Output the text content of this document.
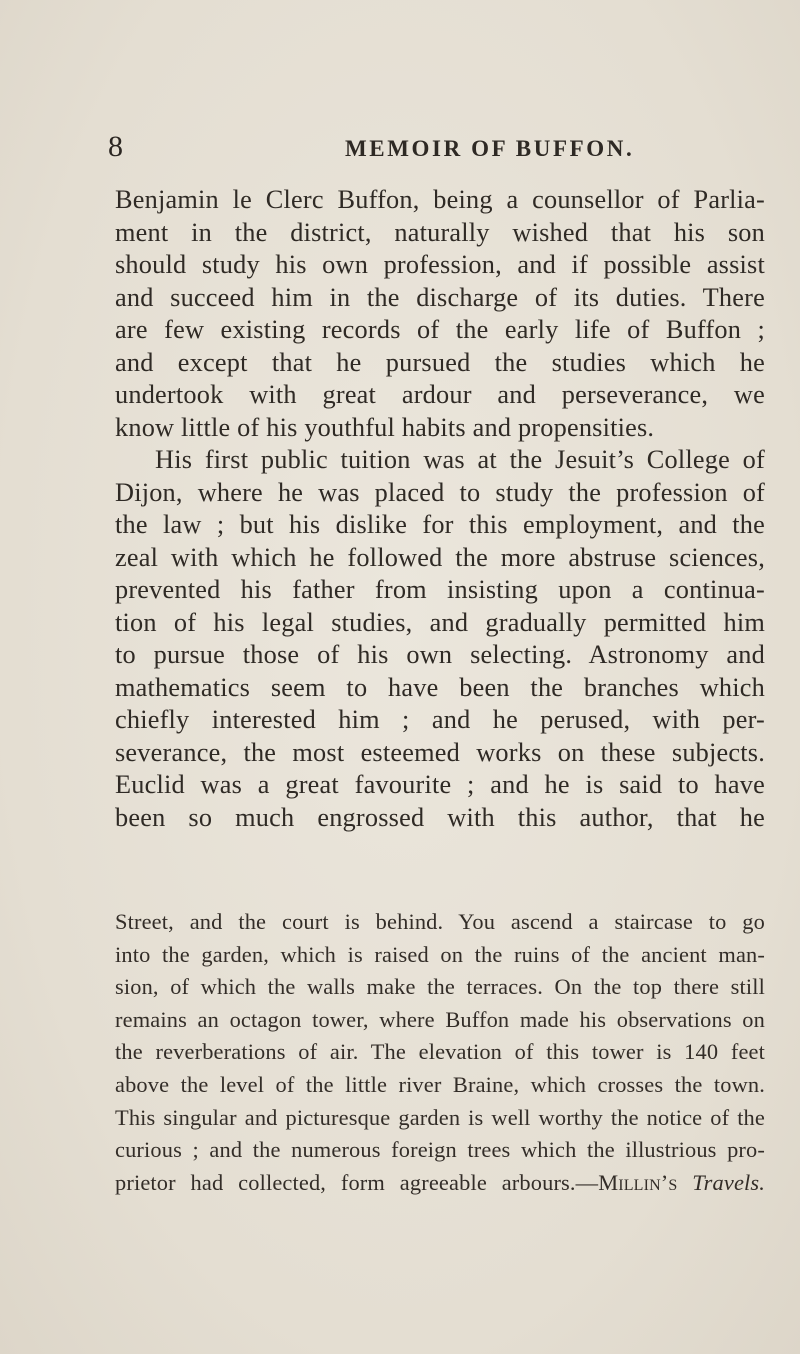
8	MEMOIR OF BUFFON.
Benjamin le Clerc Buffon, being a counsellor of Parlia-
ment in the district, naturally wished that his son
should study his own profession, and if possible assist
and succeed him in the discharge of its duties. There
are few existing records of the early life of Buffon ;
and except that he pursued the studies which he
undertook with great ardour and perseverance, we
know little of his youthful habits and propensities.
His first public tuition was at the Jesuit’s College of
Dijon, where he was placed to study the profession of
the law ; but his dislike for this employment, and the
zeal with which he followed the more abstruse sciences,
prevented his father from insisting upon a continua-
tion of his legal studies, and gradually permitted him
to pursue those of his own selecting. Astronomy and
mathematics seem to have been the branches which
chiefly interested him ; and he perused, with per-
severance, the most esteemed works on these subjects.
Euclid was a great favourite ; and he is said to have
been so much engrossed with this author, that he
Street, and the court is behind. You ascend a staircase to go
into the garden, which is raised on the ruins of the ancient man-
sion, of which the walls make the terraces. On the top there still
remains an octagon tower, where Buffon made his observations on
the reverberations of air. The elevation of this tower is 140 feet
above the level of the little river Braine, which crosses the town.
This singular and picturesque garden is well worthy the notice of the
curious ; and the numerous foreign trees which the illustrious pro-
prietor had collected, form agreeable arbours.—Millin’s Travels.
